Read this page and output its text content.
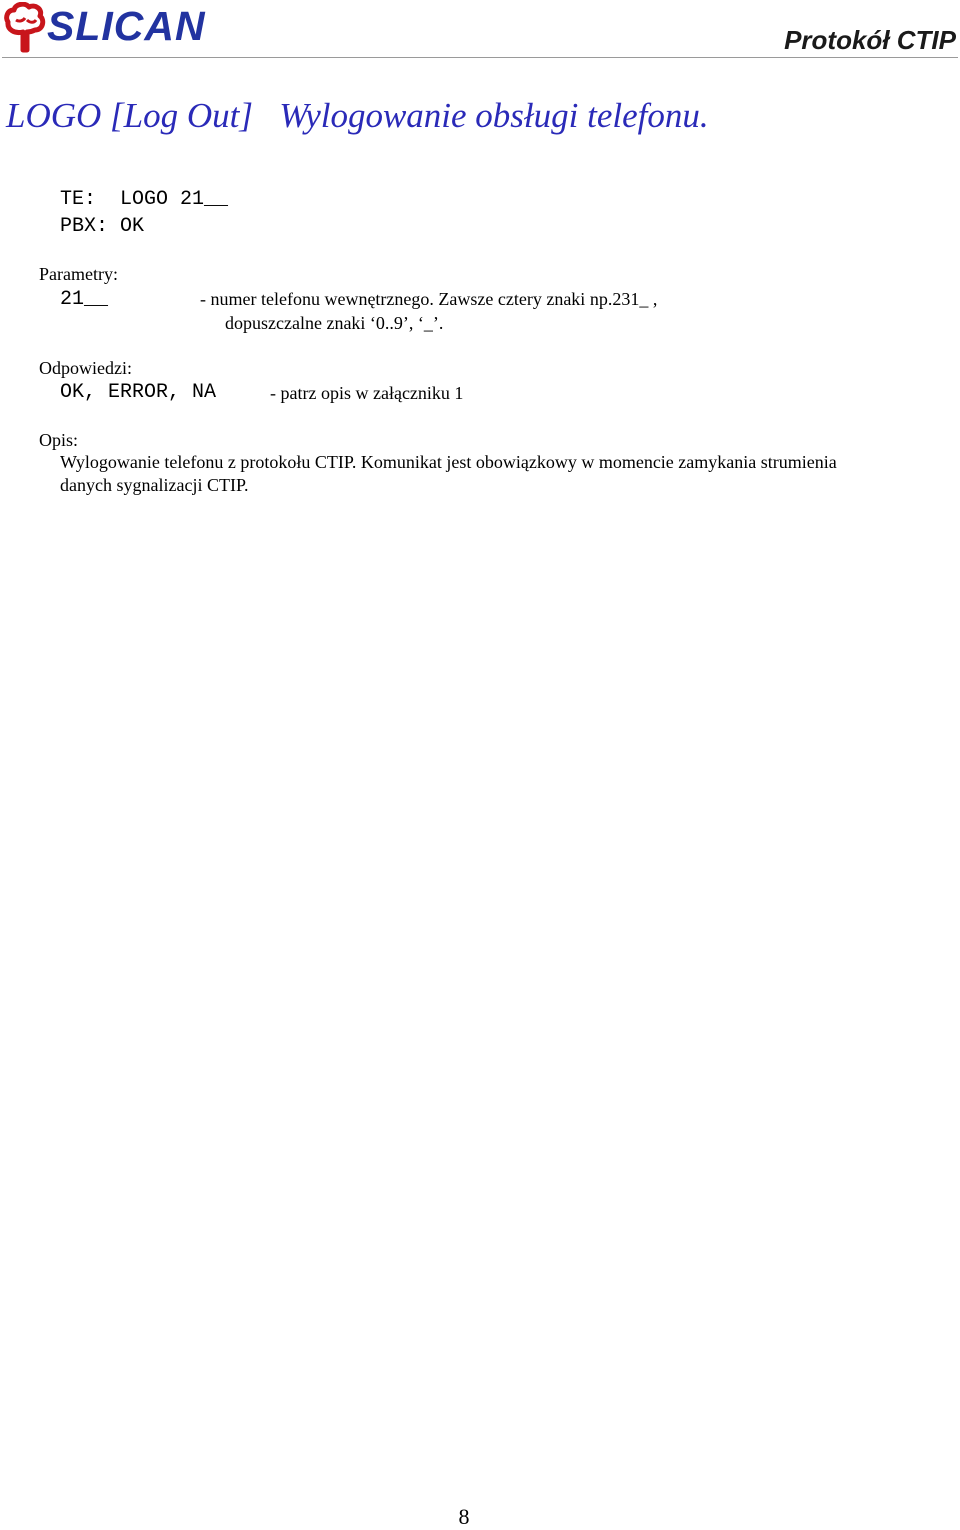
SLICAN	Protokół CTIP
LOGO [Log Out]   Wylogowanie obsługi telefonu.
TE: LOGO 21__
PBX: OK
Parametry:
21__	- numer telefonu wewnętrznego. Zawsze cztery znaki np.231_ ,
dopuszczalne znaki ‘0..9’, ‘_’.
Odpowiedzi:
OK, ERROR, NA	- patrz opis w załączniku 1
Opis:
Wylogowanie telefonu z protokołu CTIP. Komunikat jest obowiązkowy w momencie zamykania strumienia
danych sygnalizacji CTIP.
8
